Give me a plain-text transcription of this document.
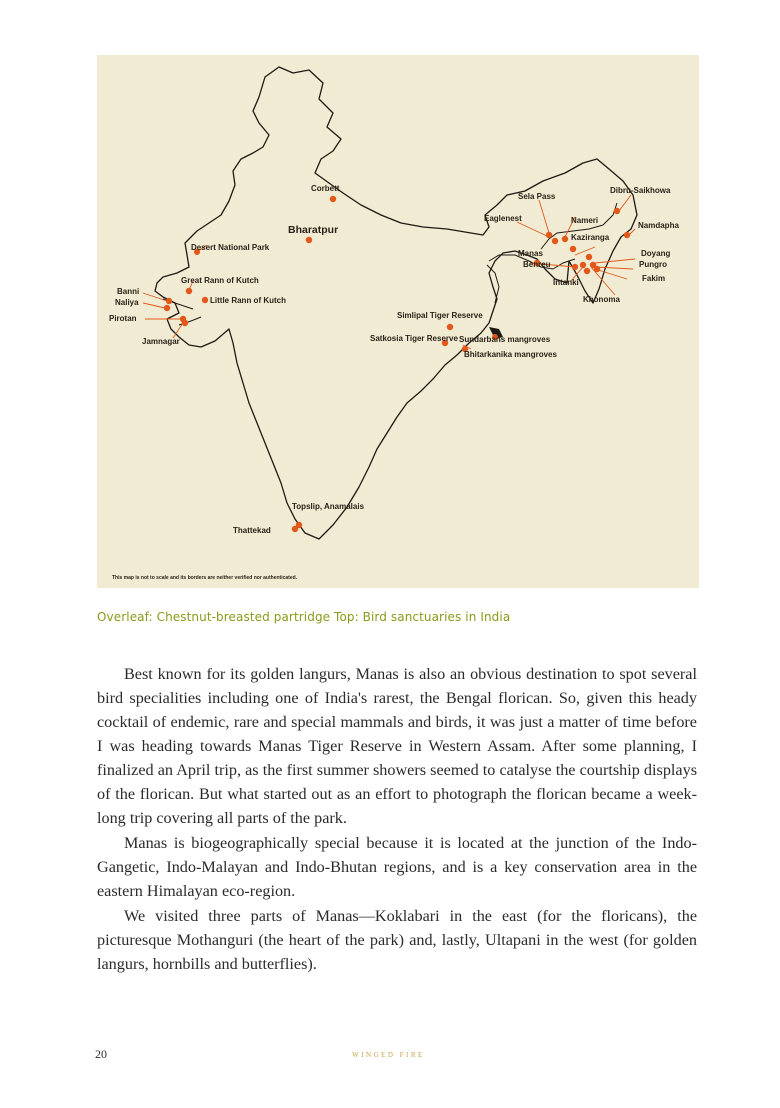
Corbett
Bharatpur
Desert National Park
Great Rann of Kutch
Banni
Naliya	Little Rann of Kutch
Pirotan
Jamnagar
Simlipal Tiger Reserve
Satkosia Tiger Reserve Sundarbans mangroves
Bhitarkanika mangroves
Sela Pass
Dibru-Saikhowa
Eaglenest	Nameri
Namdapha
Kaziranga
Manas	Doyang
Benreu	Pungro
Fakim
Intanki
Khonoma
Topslip, Anamalais
Thattekad
This map is not to scale and its borders are neither verified nor authenticated.
Overleaf: Chestnut-breasted partridge Top: Bird sanctuaries in India

Best known for its golden langurs, Manas is also an obvious destination to spot several bird specialities including one of India's rarest, the Bengal florican. So, given this heady cocktail of endemic, rare and special mammals and birds, it was just a matter of time before I was heading towards Manas Tiger Reserve in Western Assam. After some planning, I finalized an April trip, as the first summer showers seemed to catalyse the courtship displays of the florican. But what started out as an effort to photograph the florican became a week-long trip covering all parts of the park.

Manas is biogeographically special because it is located at the junction of the Indo-Gangetic, Indo-Malayan and Indo-Bhutan regions, and is a key conservation area in the eastern Himalayan eco-region.

We visited three parts of Manas—Koklabari in the east (for the floricans), the picturesque Mothanguri (the heart of the park) and, lastly, Ultapani in the west (for golden langurs, hornbills and butterflies).

20	WINGED FIRE
